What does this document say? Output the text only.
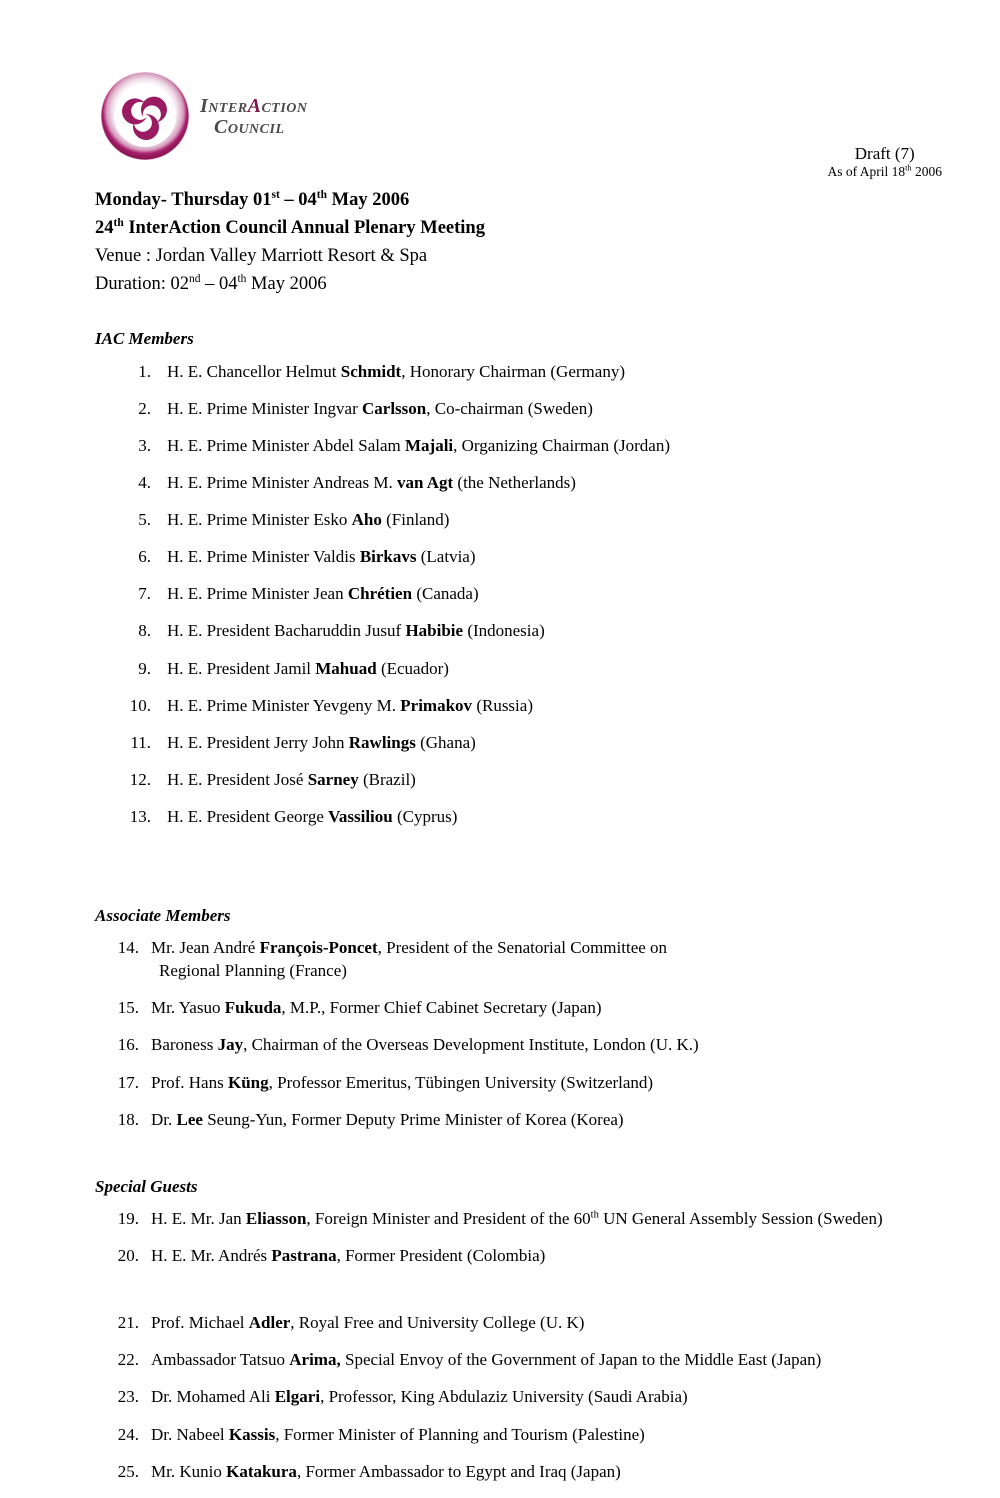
InterAction
Council
Draft (7)
As of April 18th 2006
Monday- Thursday 01st – 04th May 2006
24th InterAction Council Annual Plenary Meeting
Venue : Jordan Valley Marriott Resort & Spa
Duration: 02nd – 04th May 2006
IAC Members
1. H. E. Chancellor Helmut Schmidt, Honorary Chairman (Germany)
2. H. E. Prime Minister Ingvar Carlsson, Co-chairman (Sweden)
3. H. E. Prime Minister Abdel Salam Majali, Organizing Chairman (Jordan)
4. H. E. Prime Minister Andreas M. van Agt (the Netherlands)
5. H. E. Prime Minister Esko Aho (Finland)
6. H. E. Prime Minister Valdis Birkavs (Latvia)
7. H. E. Prime Minister Jean Chrétien (Canada)
8. H. E. President Bacharuddin Jusuf Habibie (Indonesia)
9. H. E. President Jamil Mahuad (Ecuador)
10. H. E. Prime Minister Yevgeny M. Primakov (Russia)
11. H. E. President Jerry John Rawlings (Ghana)
12. H. E. President José Sarney (Brazil)
13. H. E. President George Vassiliou (Cyprus)
Associate Members
14. Mr. Jean André François-Poncet, President of the Senatorial Committee on
Regional Planning (France)
15. Mr. Yasuo Fukuda, M.P., Former Chief Cabinet Secretary (Japan)
16. Baroness Jay, Chairman of the Overseas Development Institute, London (U. K.)
17. Prof. Hans Küng, Professor Emeritus, Tübingen University (Switzerland)
18. Dr. Lee Seung-Yun, Former Deputy Prime Minister of Korea (Korea)
Special Guests
19. H. E. Mr. Jan Eliasson, Foreign Minister and President of the 60th UN General Assembly Session (Sweden)
20. H. E. Mr. Andrés Pastrana, Former President (Colombia)
21. Prof. Michael Adler, Royal Free and University College (U. K)
22. Ambassador Tatsuo Arima, Special Envoy of the Government of Japan to the Middle East (Japan)
23. Dr. Mohamed Ali Elgari, Professor, King Abdulaziz University (Saudi Arabia)
24. Dr. Nabeel Kassis, Former Minister of Planning and Tourism (Palestine)
25. Mr. Kunio Katakura, Former Ambassador to Egypt and Iraq (Japan)
